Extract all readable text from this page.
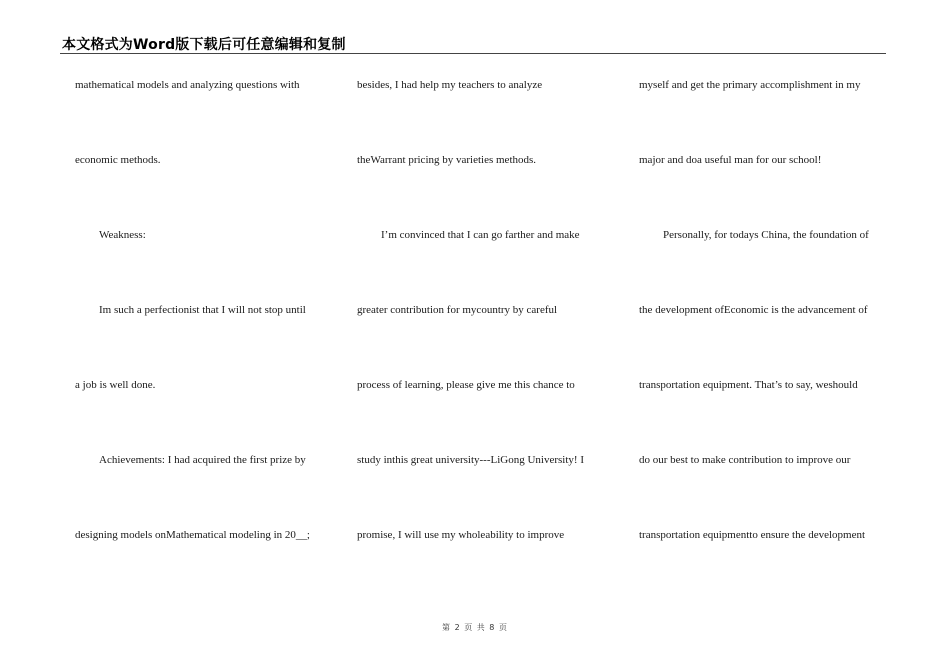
本文格式为Word版下载后可任意编辑和复制
mathematical models and analyzing questions with
economic methods.
Weakness:
Im such a perfectionist that I will not stop until
a job is well done.
Achievements: I had acquired the first prize by
designing models onMathematical modeling in 20__;
besides, I had help my teachers to analyze
theWarrant pricing by varieties methods.
I’m convinced that I can go farther and make
greater contribution for mycountry by careful
process of learning, please give me this chance to
study inthis great university---LiGong University! I
promise, I will use my wholeability to improve
myself and get the primary accomplishment in my
major and doa useful man for our school!
Personally, for todays China, the foundation of
the development ofEconomic is the advancement of
transportation equipment. That’s to say, weshould
do our best to make contribution to improve our
transportation equipmentto ensure the development
第 2 页 共 8 页
